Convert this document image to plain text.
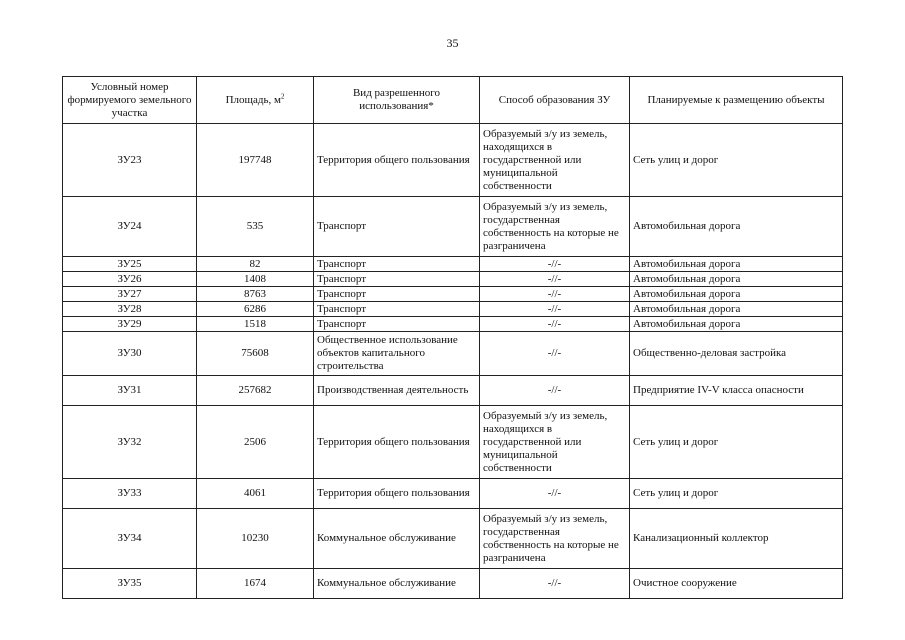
35
Условный номер формируемого земельного участка	Площадь, $м^2$	Вид разрешенного использования*	Способ образования ЗУ	Планируемые к размещению объекты
ЗУ23	197748	Территория общего пользования	Образуемый з/у из земель, находящихся в государственной или муниципальной собственности	Сеть улиц и дорог
ЗУ24	535	Транспорт	Образуемый з/у из земель, государственная собственность на которые не разграничена	Автомобильная дорога
ЗУ25	82	Транспорт	-//-	Автомобильная дорога
ЗУ26	1408	Транспорт	-//-	Автомобильная дорога
ЗУ27	8763	Транспорт	-//-	Автомобильная дорога
ЗУ28	6286	Транспорт	-//-	Автомобильная дорога
ЗУ29	1518	Транспорт	-//-	Автомобильная дорога
ЗУ30	75608	Общественное использование объектов капитального строительства	-//-	Общественно-деловая застройка
ЗУ31	257682	Производственная деятельность	-//-	Предприятие IV-V класса опасности
ЗУ32	2506	Территория общего пользования	Образуемый з/у из земель, находящихся в государственной или муниципальной собственности	Сеть улиц и дорог
ЗУ33	4061	Территория общего пользования	-//-	Сеть улиц и дорог
ЗУ34	10230	Коммунальное обслуживание	Образуемый з/у из земель, государственная собственность на которые не разграничена	Канализационный коллектор
ЗУ35	1674	Коммунальное обслуживание	-//-	Очистное сооружение
